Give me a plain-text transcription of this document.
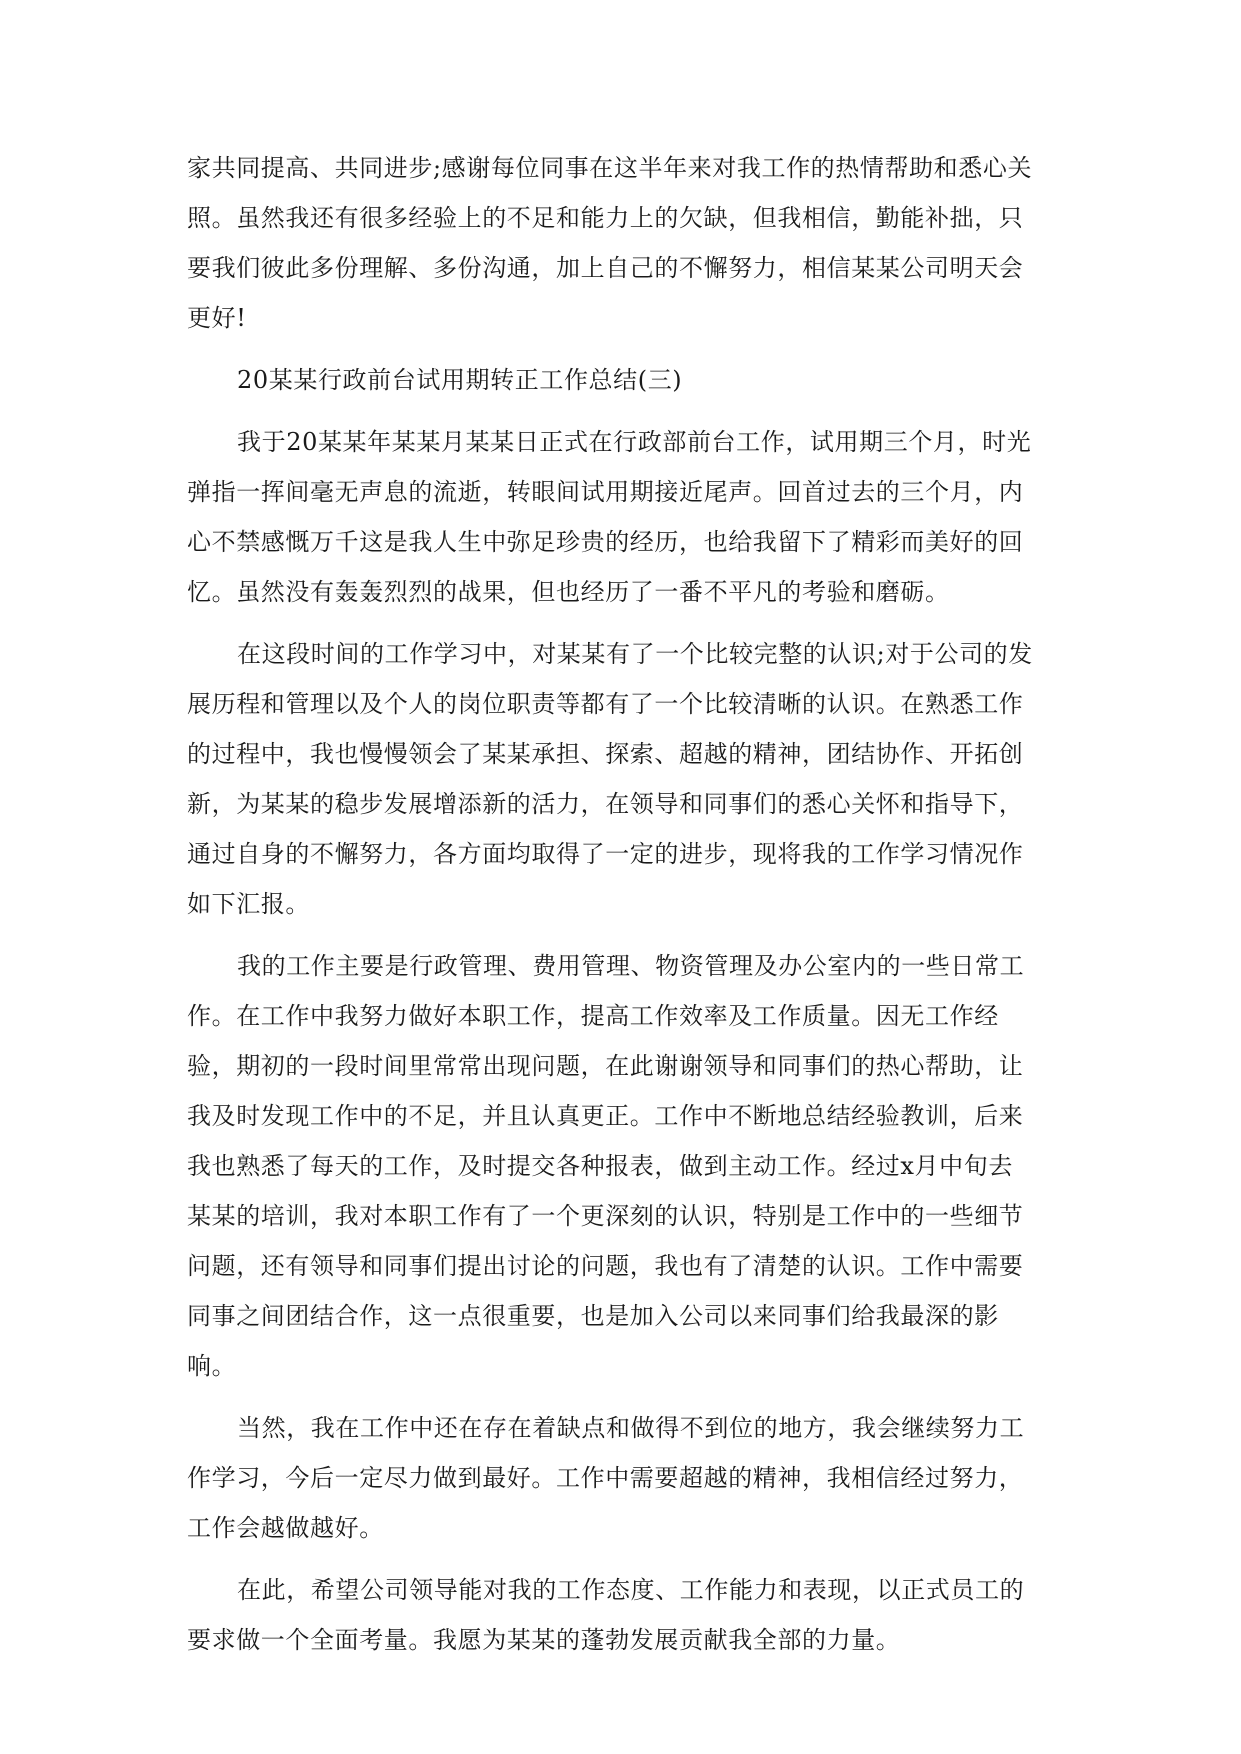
家共同提高、共同进步;感谢每位同事在这半年来对我工作的热情帮助和悉心关
照。虽然我还有很多经验上的不足和能力上的欠缺，但我相信，勤能补拙，只
要我们彼此多份理解、多份沟通，加上自己的不懈努力，相信某某公司明天会
更好!
20某某行政前台试用期转正工作总结(三)
我于20某某年某某月某某日正式在行政部前台工作，试用期三个月，时光
弹指一挥间毫无声息的流逝，转眼间试用期接近尾声。回首过去的三个月，内
心不禁感慨万千这是我人生中弥足珍贵的经历，也给我留下了精彩而美好的回
忆。虽然没有轰轰烈烈的战果，但也经历了一番不平凡的考验和磨砺。
在这段时间的工作学习中，对某某有了一个比较完整的认识;对于公司的发
展历程和管理以及个人的岗位职责等都有了一个比较清晰的认识。在熟悉工作
的过程中，我也慢慢领会了某某承担、探索、超越的精神，团结协作、开拓创
新，为某某的稳步发展增添新的活力，在领导和同事们的悉心关怀和指导下，
通过自身的不懈努力，各方面均取得了一定的进步，现将我的工作学习情况作
如下汇报。
我的工作主要是行政管理、费用管理、物资管理及办公室内的一些日常工
作。在工作中我努力做好本职工作，提高工作效率及工作质量。因无工作经
验，期初的一段时间里常常出现问题，在此谢谢领导和同事们的热心帮助，让
我及时发现工作中的不足，并且认真更正。工作中不断地总结经验教训，后来
我也熟悉了每天的工作，及时提交各种报表，做到主动工作。经过x月中旬去
某某的培训，我对本职工作有了一个更深刻的认识，特别是工作中的一些细节
问题，还有领导和同事们提出讨论的问题，我也有了清楚的认识。工作中需要
同事之间团结合作，这一点很重要，也是加入公司以来同事们给我最深的影
响。
当然，我在工作中还在存在着缺点和做得不到位的地方，我会继续努力工
作学习，今后一定尽力做到最好。工作中需要超越的精神，我相信经过努力，
工作会越做越好。
在此，希望公司领导能对我的工作态度、工作能力和表现，以正式员工的
要求做一个全面考量。我愿为某某的蓬勃发展贡献我全部的力量。
